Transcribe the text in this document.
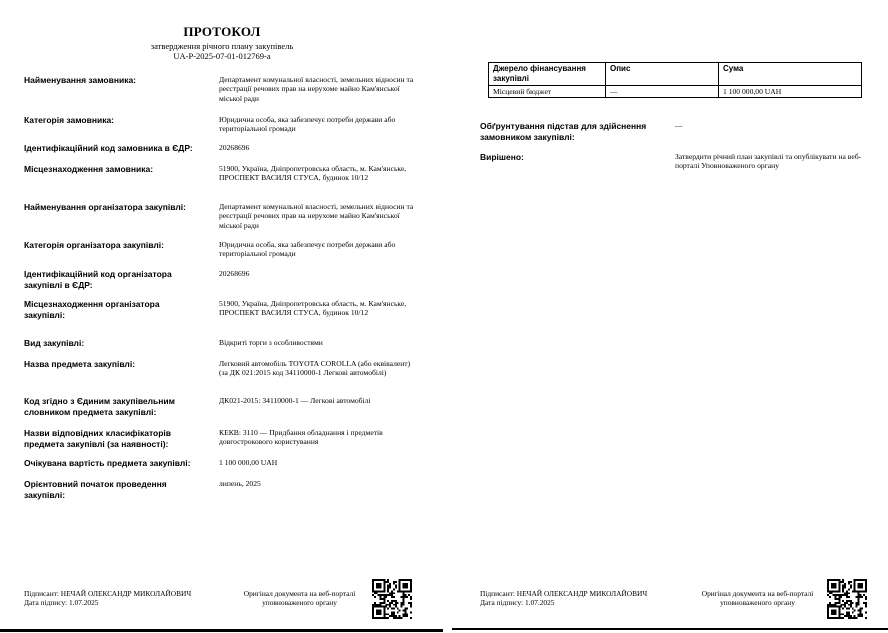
ПРОТОКОЛ
затвердження річного плану закупівель
UA-P-2025-07-01-012769-a
Найменування замовника:	Департамент комунальної власності, земельних відносин та реєстрації речових прав на нерухоме майно Кам'янської міської ради
Категорія замовника:	Юридична особа, яка забезпечує потреби держави або територіальної громади
Ідентифікаційний код замовника в ЄДР:	20268696
Місцезнаходження замовника:	51900, Україна, Дніпропетровська область, м. Кам'янське, ПРОСПЕКТ ВАСИЛЯ СТУСА, будинок 10/12
Найменування організатора закупівлі:	Департамент комунальної власності, земельних відносин та реєстрації речових прав на нерухоме майно Кам'янської міської ради
Категорія організатора закупівлі:	Юридична особа, яка забезпечує потреби держави або територіальної громади
Ідентифікаційний код організатора закупівлі в ЄДР:
20268696
Місцезнаходження організатора закупівлі:
51900, Україна, Дніпропетровська область, м. Кам'янське, ПРОСПЕКТ ВАСИЛЯ СТУСА, будинок 10/12
Вид закупівлі:	Відкриті торги з особливостями
Назва предмета закупівлі:	Легковий автомобіль TOYOTA COROLLA (або еквівалент) (за ДК 021:2015 код 34110000-1 Легкові автомобілі)
Код згідно з Єдиним закупівельним словником предмета закупівлі:
ДК021-2015: 34110000-1 — Легкові автомобілі
Назви відповідних класифікаторів предмета закупівлі (за наявності):
КЕКВ: 3110 — Придбання обладнання і предметів довгострокового користування
Очікувана вартість предмета закупівлі:	1 100 000,00 UAH
Орієнтовний початок проведення закупівлі:
липень, 2025
Підписант: НЕЧАЙ ОЛЕКСАНДР МИКОЛАЙОВИЧ
Дата підпису: 1.07.2025
Оригінал документа на веб-порталі уповноваженого органу
Джерело фінансування закупівлі	Опис	Сума
Місцевий бюджет	—	1 100 000,00 UAH
Обґрунтування підстав для здійснення замовником закупівлі:
—
Вирішено:	Затвердити річний план закупівлі та опублікувати на веб-порталі Уповноваженого органу
Підписант: НЕЧАЙ ОЛЕКСАНДР МИКОЛАЙОВИЧ
Дата підпису: 1.07.2025
Оригінал документа на веб-порталі уповноваженого органу
